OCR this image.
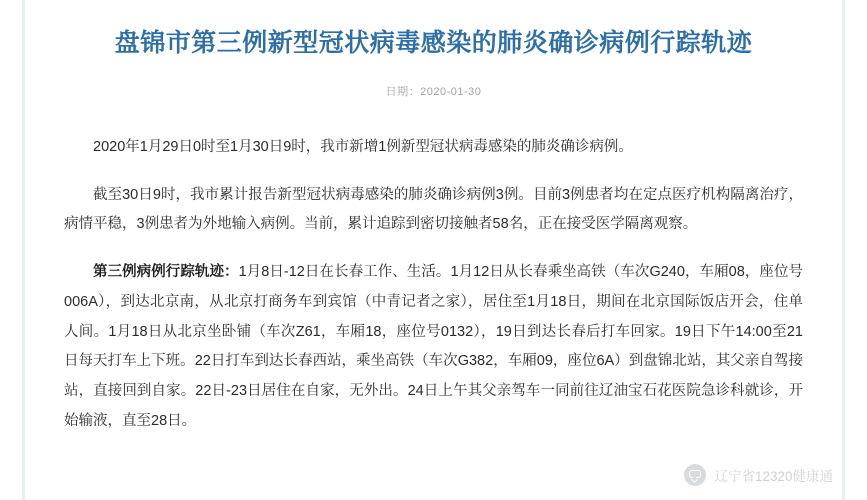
盘锦市第三例新型冠状病毒感染的肺炎确诊病例行踪轨迹
日期：2020-01-30

2020年1月29日0时至1月30日9时，我市新增1例新型冠状病毒感染的肺炎确诊病例。

截至30日9时，我市累计报告新型冠状病毒感染的肺炎确诊病例3例。目前3例患者均在定点医疗机构隔离治疗，病情平稳，3例患者为外地输入病例。当前，累计追踪到密切接触者58名，正在接受医学隔离观察。

第三例病例行踪轨迹：1月8日-12日在长春工作、生活。1月12日从长春乘坐高铁（车次G240，车厢08，座位号006A），到达北京南，从北京打商务车到宾馆（中青记者之家），居住至1月18日，期间在北京国际饭店开会，住单人间。1月18日从北京坐卧铺（车次Z61，车厢18，座位号0132），19日到达长春后打车回家。19日下午14:00至21日每天打车上下班。22日打车到达长春西站，乘坐高铁（车次G382，车厢09，座位6A）到盘锦北站，其父亲自驾接站，直接回到自家。22日-23日居住在自家，无外出。24日上午其父亲驾车一同前往辽油宝石花医院急诊科就诊，开始输液，直至28日。

辽宁省12320健康通
